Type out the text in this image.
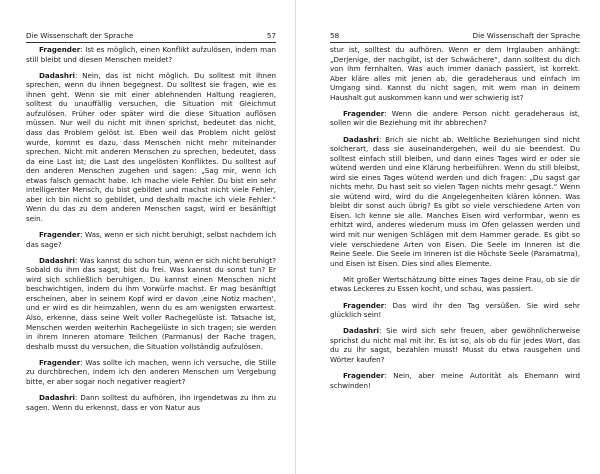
Die Wissenschaft der Sprache	57

Fragender: Ist es möglich, einen Konflikt aufzulösen, indem man still bleibt und diesen Menschen meidet?

Dadashri: Nein, das ist nicht möglich. Du solltest mit ihnen sprechen, wenn du ihnen begegnest. Du solltest sie fragen, wie es ihnen geht. Wenn sie mit einer ablehnenden Haltung reagieren, solltest du unauffällig versuchen, die Situation mit Gleichmut aufzulösen. Früher oder später wird die diese Situation auflösen müssen. Nur weil du nicht mit ihnen sprichst, bedeutet das nicht, dass das Problem gelöst ist. Eben weil das Problem nicht gelöst wurde, kommt es dazu, dass Menschen nicht mehr miteinander sprechen. Nicht mit anderen Menschen zu sprechen, bedeutet, dass da eine Last ist; die Last des ungelösten Konfliktes. Du solltest auf den anderen Menschen zugehen und sagen: „Sag mir, wenn ich etwas falsch gemacht habe. Ich mache viele Fehler. Du bist ein sehr intelligenter Mensch, du bist gebildet und machst nicht viele Fehler, aber ich bin nicht so gebildet, und deshalb mache ich viele Fehler.“ Wenn du das zu dem anderen Menschen sagst, wird er besänftigt sein.

Fragender: Was, wenn er sich nicht beruhigt, selbst nachdem ich das sage?

Dadashri: Was kannst du schon tun, wenn er sich nicht beruhigt? Sobald du ihm das sagst, bist du frei. Was kannst du sonst tun? Er wird sich schließlich beruhigen. Du kannst einen Menschen nicht beschwichtigen, indem du ihm Vorwürfe machst. Er mag besänftigt erscheinen, aber in seinem Kopf wird er davon ‚eine Notiz machen‘, und er wird es dir heimzahlen, wenn du es am wenigsten erwartest. Also, erkenne, dass seine Welt voller Rachegelüste ist. Tatsache ist, Menschen werden weiterhin Rachegelüste in sich tragen; sie werden in ihrem Inneren atomare Teilchen (Parmanus) der Rache tragen, deshalb musst du versuchen, die Situation vollständig aufzulösen.

Fragender: Was sollte ich machen, wenn ich versuche, die Stille zu durchbrechen, indem ich den anderen Menschen um Vergebung bitte, er aber sogar noch negativer reagiert?

Dadashri: Dann solltest du aufhören, ihn irgendetwas zu ihm zu sagen. Wenn du erkennst, dass er von Natur aus

58	Die Wissenschaft der Sprache

stur ist, solltest du aufhören. Wenn er dem Irrglauben anhängt: „Derjenige, der nachgibt, ist der Schwächere“, dann solltest du dich von ihm fernhalten. Was auch immer danach passiert, ist korrekt. Aber kläre alles mit jenen ab, die geradeheraus und einfach im Umgang sind. Kannst du nicht sagen, mit wem man in deinem Haushalt gut auskommen kann und wer schwierig ist?

Fragender: Wenn die andere Person nicht geradeheraus ist, sollen wir die Beziehung mit ihr abbrechen?

Dadashri: Brich sie nicht ab. Weltliche Beziehungen sind nicht solcherart, dass sie auseinandergehen, weil du sie beendest. Du solltest einfach still bleiben, und dann eines Tages wird er oder sie wütend werden und eine Klärung herbeiführen. Wenn du still bleibst, wird sie eines Tages wütend werden und dich fragen: „Du sagst gar nichts mehr. Du hast seit so vielen Tagen nichts mehr gesagt.“ Wenn sie wütend wird, wird du die Angelegenheiten klären können. Was bleibt dir sonst auch übrig? Es gibt so viele verschiedene Arten von Eisen. Ich kenne sie alle. Manches Eisen wird verformbar, wenn es erhitzt wird, anderes wiederum muss im Ofen gelassen werden und wird mit nur wenigen Schlägen mit dem Hammer gerade. Es gibt so viele verschiedene Arten von Eisen. Die Seele im Inneren ist die Reine Seele. Die Seele im Inneren ist die Höchste Seele (Paramatma), und Eisen ist Eisen. Dies sind alles Elemente.

Mit großer Wertschätzung bitte eines Tages deine Frau, ob sie dir etwas Leckeres zu Essen kocht, und schau, was passiert.

Fragender: Das wird ihr den Tag versüßen. Sie wird sehr glücklich sein!

Dadashri: Sie wird sich sehr freuen, aber gewöhnlicherweise sprichst du nicht mal mit ihr. Es ist so, als ob du für jedes Wort, das du zu ihr sagst, bezahlen musst! Musst du etwa rausgehen und Wörter kaufen?

Fragender: Nein, aber meine Autorität als Ehemann wird schwinden!
